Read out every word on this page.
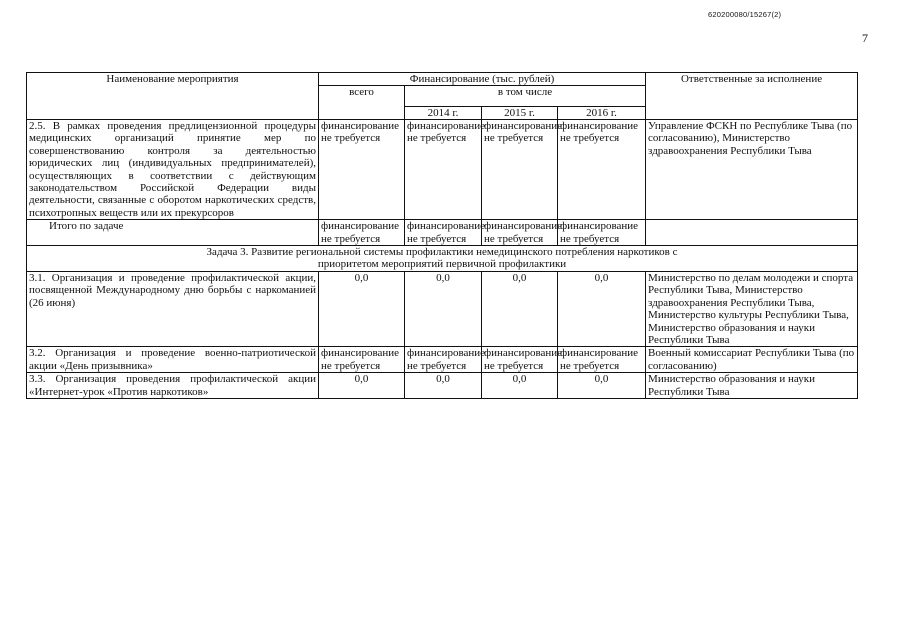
620200080/15267(2)
7
Наименование мероприятия	Финансирование (тыс. рублей)				Ответственные за исполнение
	всего	в том числе			
		2014 г.	2015 г.	2016 г.	
2.5. В рамках проведения предлицензионной процедуры медицинских организаций принятие мер по совершенствованию контроля за деятельностью юридических лиц (индивидуальных предпринимателей), осуществляющих в соответствии с действующим законодательством Российской Федерации виды деятельности, связанные с оборотом наркотических средств, психотропных веществ или их прекурсоров	финансирование не требуется	финансирование не требуется	финансирование не требуется	финансирование не требуется	Управление ФСКН по Республике Тыва (по согласованию), Министерство здравоохранения Республики Тыва
Итого по задаче	финансирование не требуется	финансирование не требуется	финансирование не требуется	финансирование не требуется	
Задача 3. Развитие региональной системы профилактики немедицинского потребления наркотиков с приоритетом мероприятий первичной профилактики					
3.1. Организация и проведение профилактической акции, посвященной Международному дню борьбы с наркоманией (26 июня)	0,0	0,0	0,0	0,0	Министерство по делам молодежи и спорта Республики Тыва, Министерство здравоохранения Республики Тыва, Министерство культуры Республики Тыва, Министерство образования и науки Республики Тыва
3.2. Организация и проведение военно-патриотической акции «День призывника»	финансирование не требуется	финансирование не требуется	финансирование не требуется	финансирование не требуется	Военный комиссариат Республики Тыва (по согласованию)
3.3. Организация проведения профилактической акции «Интернет-урок «Против наркотиков»	0,0	0,0	0,0	0,0	Министерство образования и науки Республики Тыва
